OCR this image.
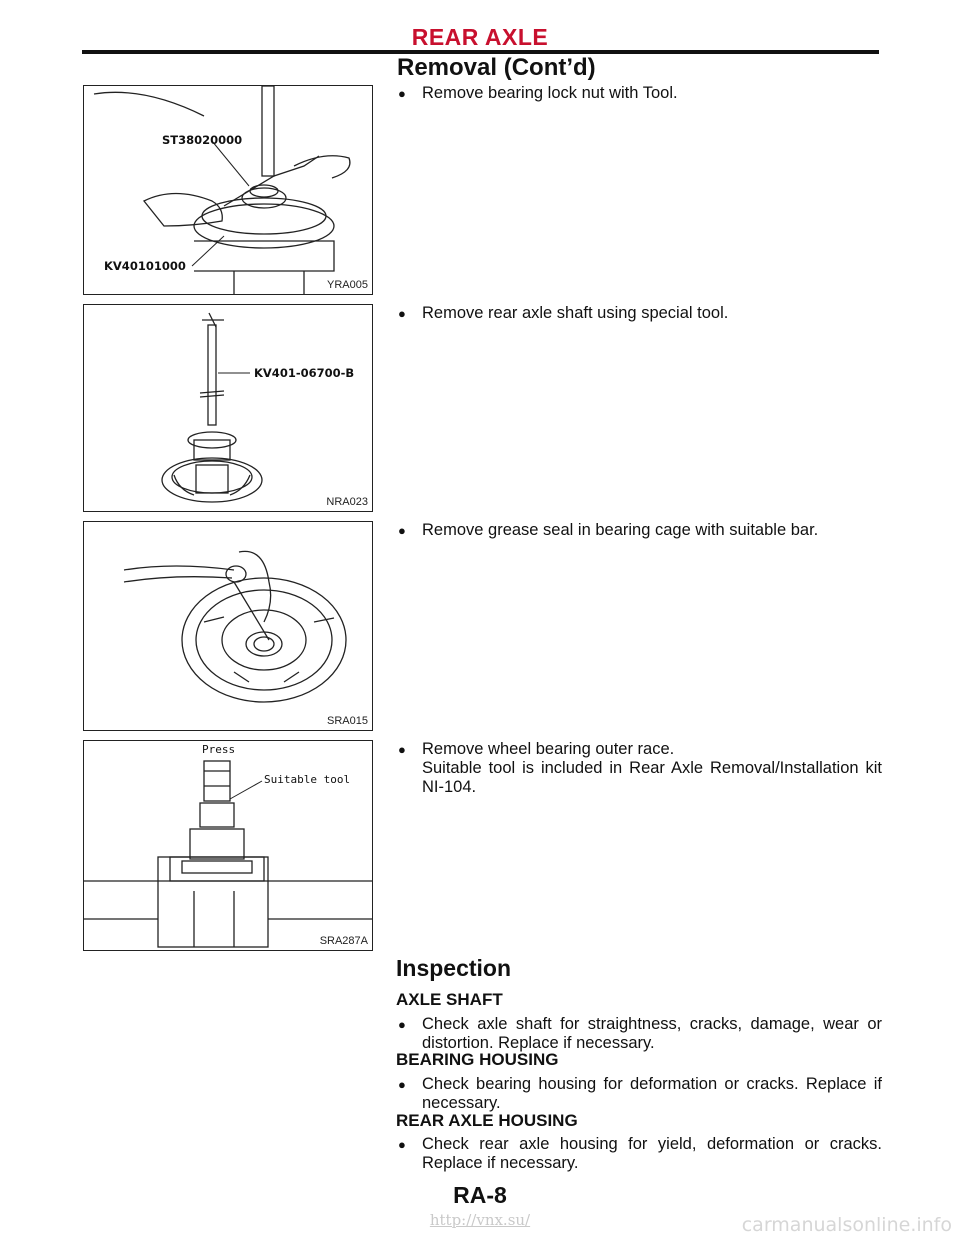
REAR AXLE
Removal (Cont’d)
ST38020000
KV40101000
YRA005
KV401-06700-B
NRA023
SRA015
Press
Suitable tool
SRA287A
● Remove bearing lock nut with Tool.
● Remove rear axle shaft using special tool.
● Remove grease seal in bearing cage with suitable bar.
● Remove wheel bearing outer race.
Suitable tool is included in Rear Axle Removal/Installation kit NI-104.
Inspection
AXLE SHAFT
● Check axle shaft for straightness, cracks, damage, wear or distortion. Replace if necessary.
BEARING HOUSING
● Check bearing housing for deformation or cracks. Replace if necessary.
REAR AXLE HOUSING
● Check rear axle housing for yield, deformation or cracks. Replace if necessary.
RA-8
http://vnx.su/	carmanualsonline.info
